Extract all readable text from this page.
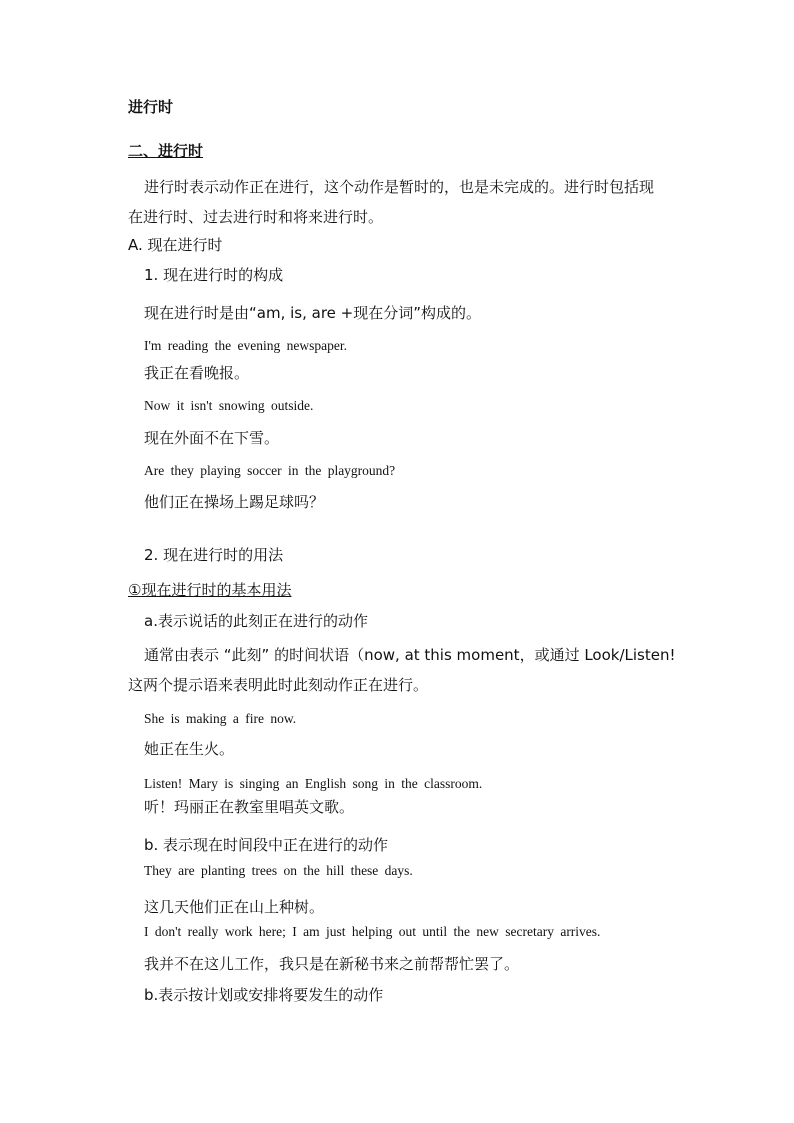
进行时
二、进行时
进行时表示动作正在进行，这个动作是暂时的，也是未完成的。进行时包括现
在进行时、过去进行时和将来进行时。
A. 现在进行时
1. 现在进行时的构成
现在进行时是由“am, is, are +现在分词”构成的。
I'm reading the evening newspaper.
我正在看晚报。
Now it isn't snowing outside.
现在外面不在下雪。
Are they playing soccer in the playground?
他们正在操场上踢足球吗？
2. 现在进行时的用法
①现在进行时的基本用法
a.表示说话的此刻正在进行的动作
通常由表示 “此刻” 的时间状语（now, at this moment，或通过 Look/Listen!
这两个提示语来表明此时此刻动作正在进行。
She is making a fire now.
她正在生火。
Listen! Mary is singing an English song in the classroom.
听！玛丽正在教室里唱英文歌。
b. 表示现在时间段中正在进行的动作
They are planting trees on the hill these days.
这几天他们正在山上种树。
I don't really work here; I am just helping out until the new secretary arrives.
我并不在这儿工作，我只是在新秘书来之前帮帮忙罢了。
b.表示按计划或安排将要发生的动作
